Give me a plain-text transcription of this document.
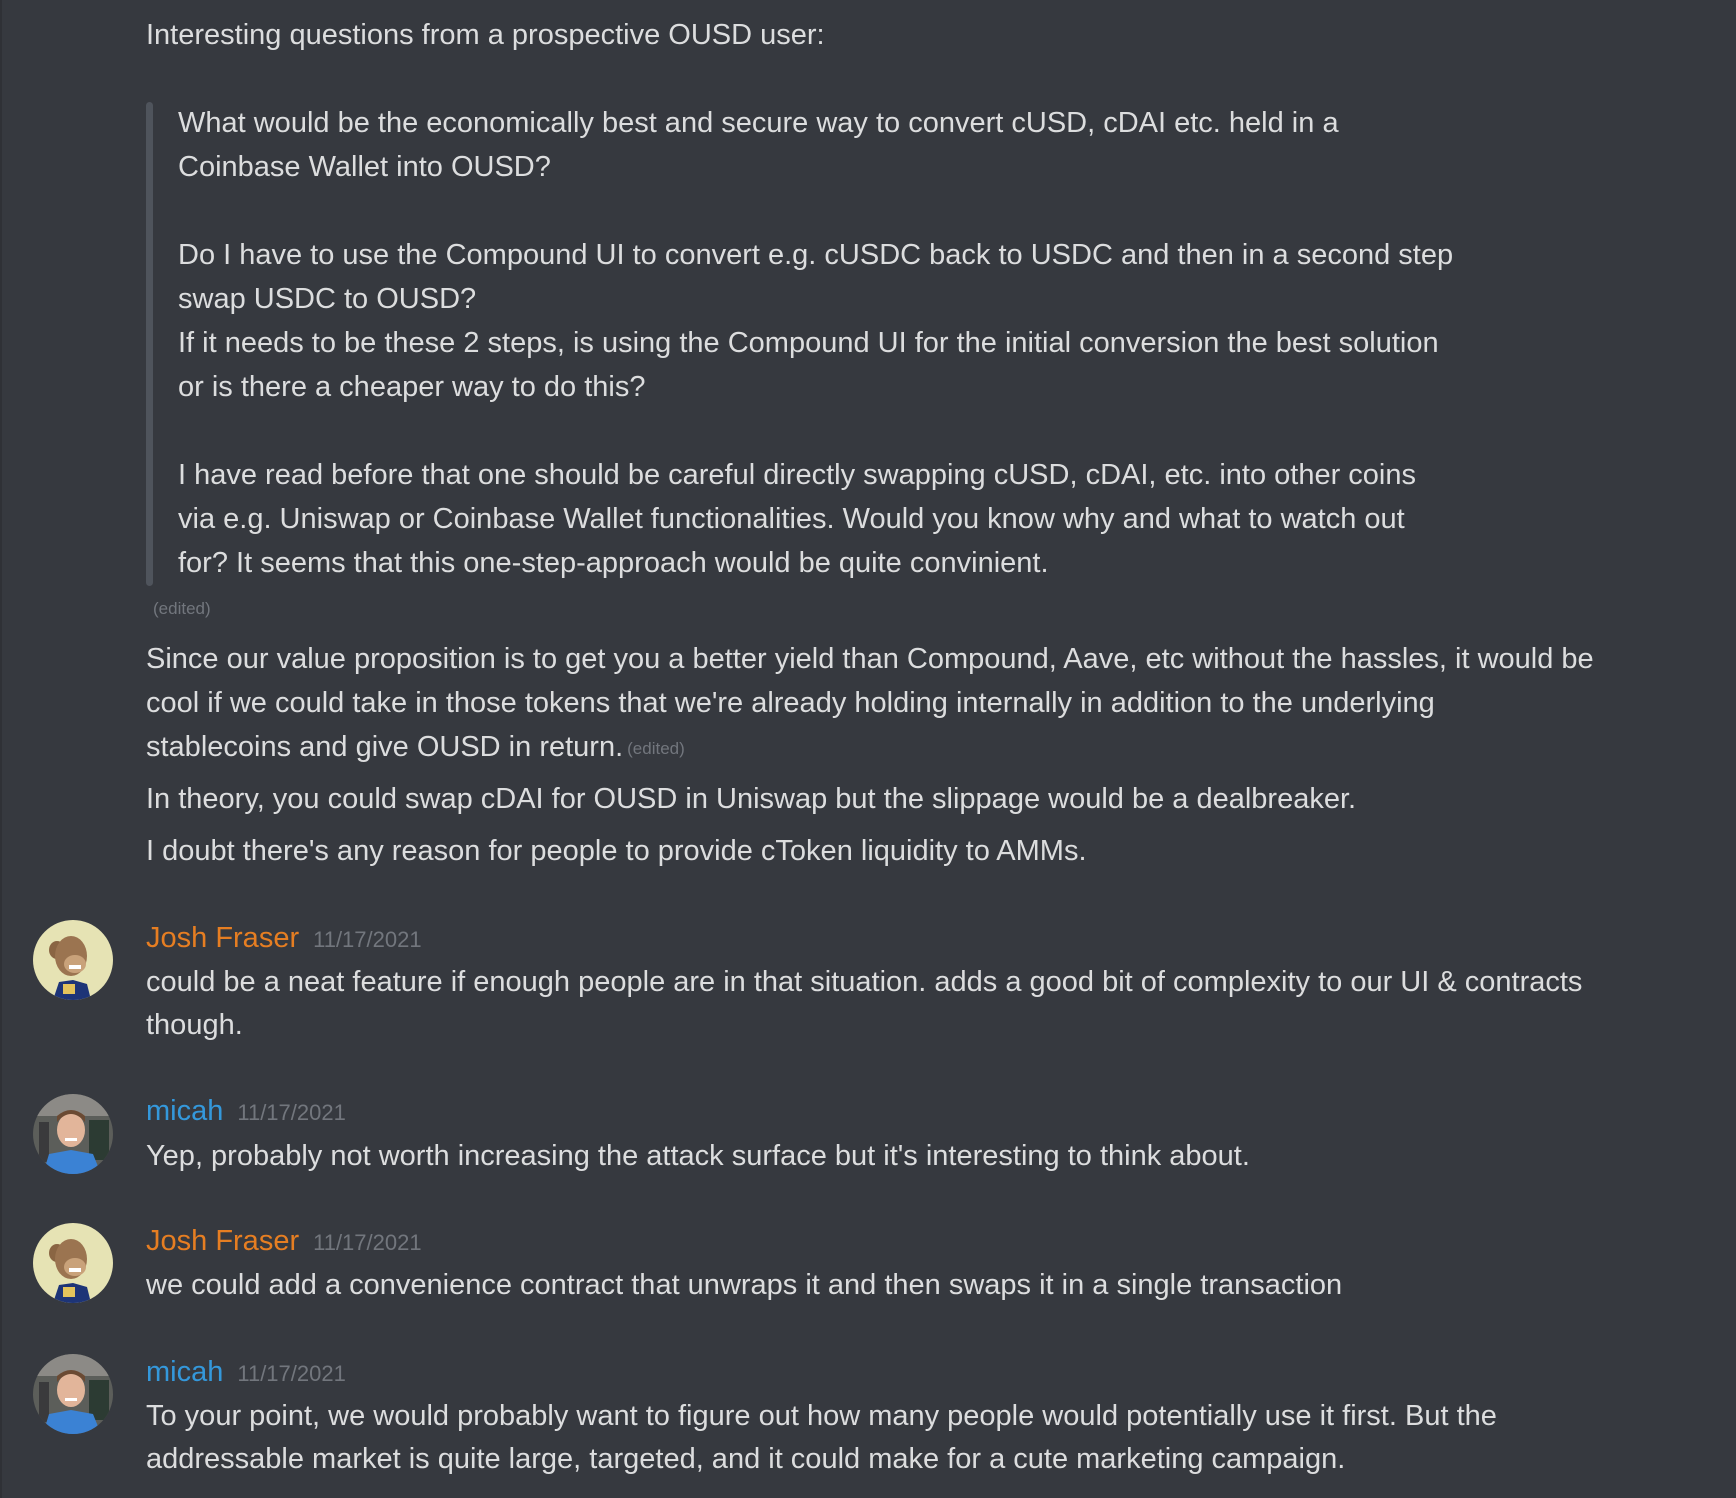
Interesting questions from a prospective OUSD user:
What would be the economically best and secure way to convert cUSD, cDAI etc. held in a
Coinbase Wallet into OUSD?
Do I have to use the Compound UI to convert e.g. cUSDC back to USDC and then in a second step
swap USDC to OUSD?
If it needs to be these 2 steps, is using the Compound UI for the initial conversion the best solution
or is there a cheaper way to do this?
I have read before that one should be careful directly swapping cUSD, cDAI, etc. into other coins
via e.g. Uniswap or Coinbase Wallet functionalities. Would you know why and what to watch out
for? It seems that this one-step-approach would be quite convinient.
(edited)
Since our value proposition is to get you a better yield than Compound, Aave, etc without the hassles, it would be
cool if we could take in those tokens that we're already holding internally in addition to the underlying
stablecoins and give OUSD in return. (edited)
In theory, you could swap cDAI for OUSD in Uniswap but the slippage would be a dealbreaker.
I doubt there's any reason for people to provide cToken liquidity to AMMs.
Josh Fraser 11/17/2021
could be a neat feature if enough people are in that situation. adds a good bit of complexity to our UI & contracts
though.
micah 11/17/2021
Yep, probably not worth increasing the attack surface but it's interesting to think about.
Josh Fraser 11/17/2021
we could add a convenience contract that unwraps it and then swaps it in a single transaction
micah 11/17/2021
To your point, we would probably want to figure out how many people would potentially use it first. But the
addressable market is quite large, targeted, and it could make for a cute marketing campaign.
